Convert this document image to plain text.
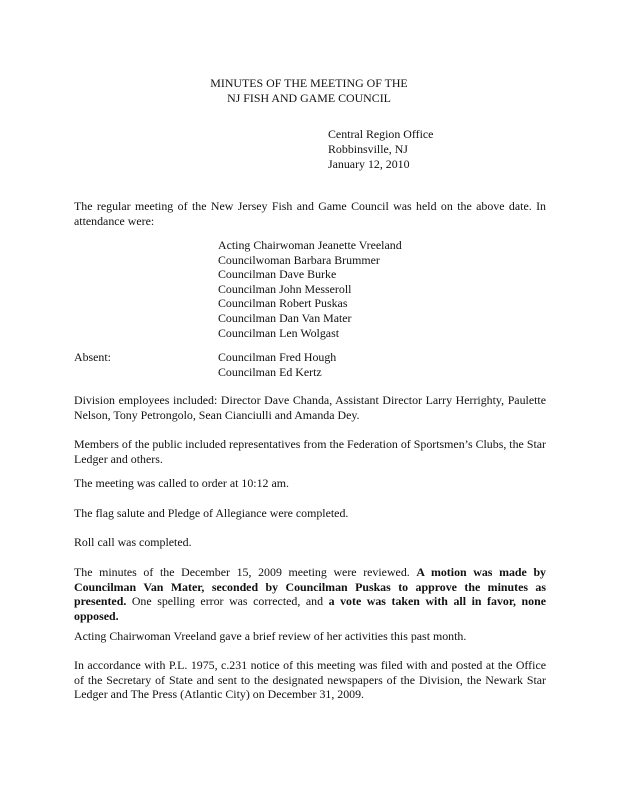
MINUTES OF THE MEETING OF THE
NJ FISH AND GAME COUNCIL
Central Region Office
Robbinsville, NJ
January 12, 2010

The regular meeting of the New Jersey Fish and Game Council was held on the above date. In attendance were:

Acting Chairwoman Jeanette Vreeland
Councilwoman Barbara Brummer
Councilman Dave Burke
Councilman John Messeroll
Councilman Robert Puskas
Councilman Dan Van Mater
Councilman Len Wolgast
Absent:	Councilman Fred Hough
Councilman Ed Kertz

Division employees included: Director Dave Chanda, Assistant Director Larry Herrighty, Paulette Nelson, Tony Petrongolo, Sean Cianciulli and Amanda Dey.

Members of the public included representatives from the Federation of Sportsmen’s Clubs, the Star Ledger and others.

The meeting was called to order at 10:12 am.

The flag salute and Pledge of Allegiance were completed.

Roll call was completed.

The minutes of the December 15, 2009 meeting were reviewed. A motion was made by Councilman Van Mater, seconded by Councilman Puskas to approve the minutes as presented. One spelling error was corrected, and a vote was taken with all in favor, none opposed.

Acting Chairwoman Vreeland gave a brief review of her activities this past month.

In accordance with P.L. 1975, c.231 notice of this meeting was filed with and posted at the Office of the Secretary of State and sent to the designated newspapers of the Division, the Newark Star Ledger and The Press (Atlantic City) on December 31, 2009.
